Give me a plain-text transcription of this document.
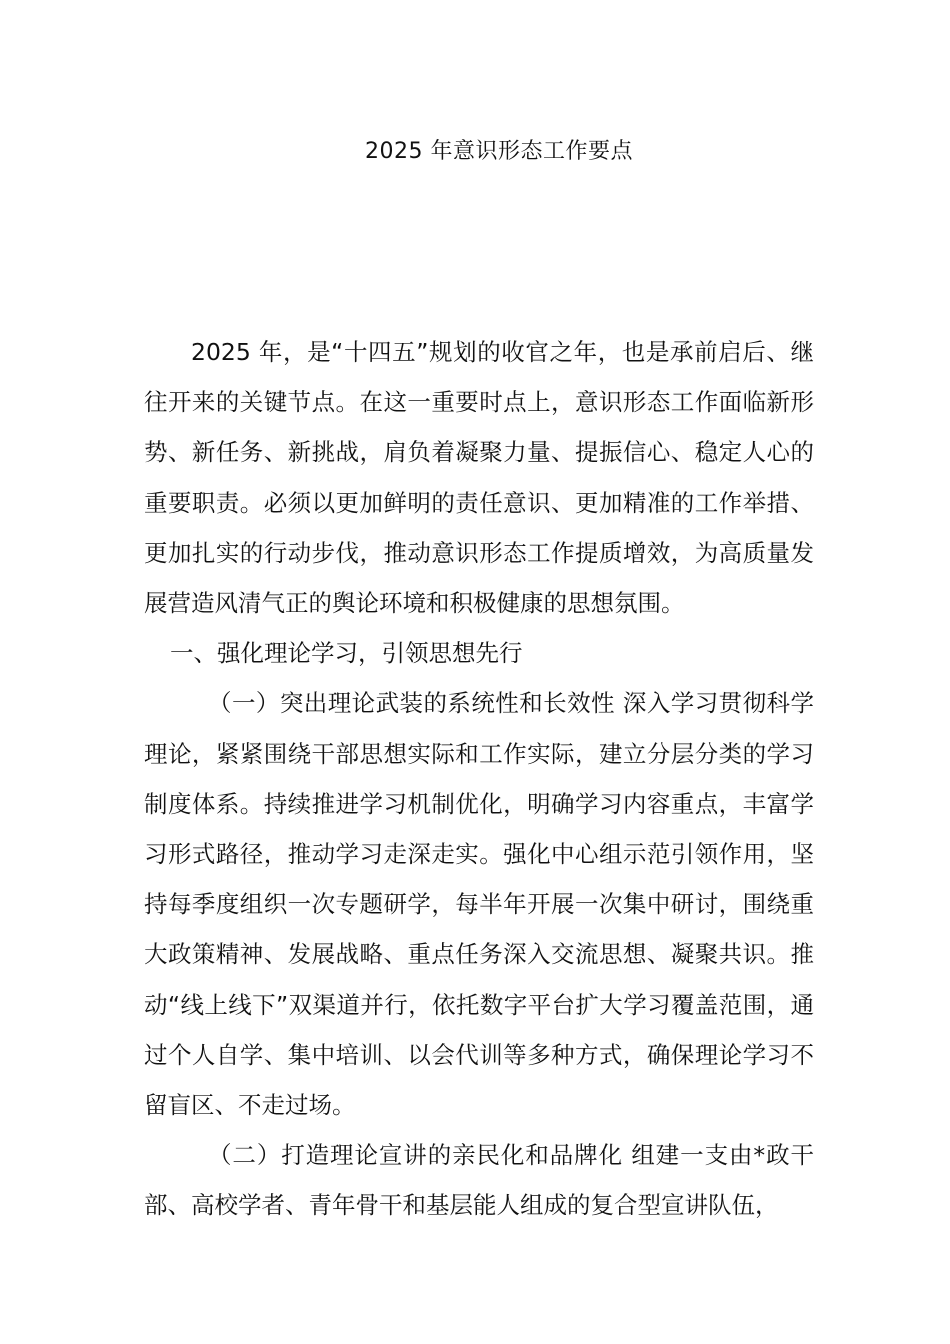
2025 年意识形态工作要点

2025 年，是“十四五”规划的收官之年，也是承前启后、继往开来的关键节点。在这一重要时点上，意识形态工作面临新形势、新任务、新挑战，肩负着凝聚力量、提振信心、稳定人心的重要职责。必须以更加鲜明的责任意识、更加精准的工作举措、更加扎实的行动步伐，推动意识形态工作提质增效，为高质量发展营造风清气正的舆论环境和积极健康的思想氛围。

一、强化理论学习，引领思想先行

（一）突出理论武装的系统性和长效性 深入学习贯彻科学理论，紧紧围绕干部思想实际和工作实际，建立分层分类的学习制度体系。持续推进学习机制优化，明确学习内容重点，丰富学习形式路径，推动学习走深走实。强化中心组示范引领作用，坚持每季度组织一次专题研学，每半年开展一次集中研讨，围绕重大政策精神、发展战略、重点任务深入交流思想、凝聚共识。推动“线上线下”双渠道并行，依托数字平台扩大学习覆盖范围，通过个人自学、集中培训、以会代训等多种方式，确保理论学习不留盲区、不走过场。

（二）打造理论宣讲的亲民化和品牌化 组建一支由*政干部、高校学者、青年骨干和基层能人组成的复合型宣讲队伍，
